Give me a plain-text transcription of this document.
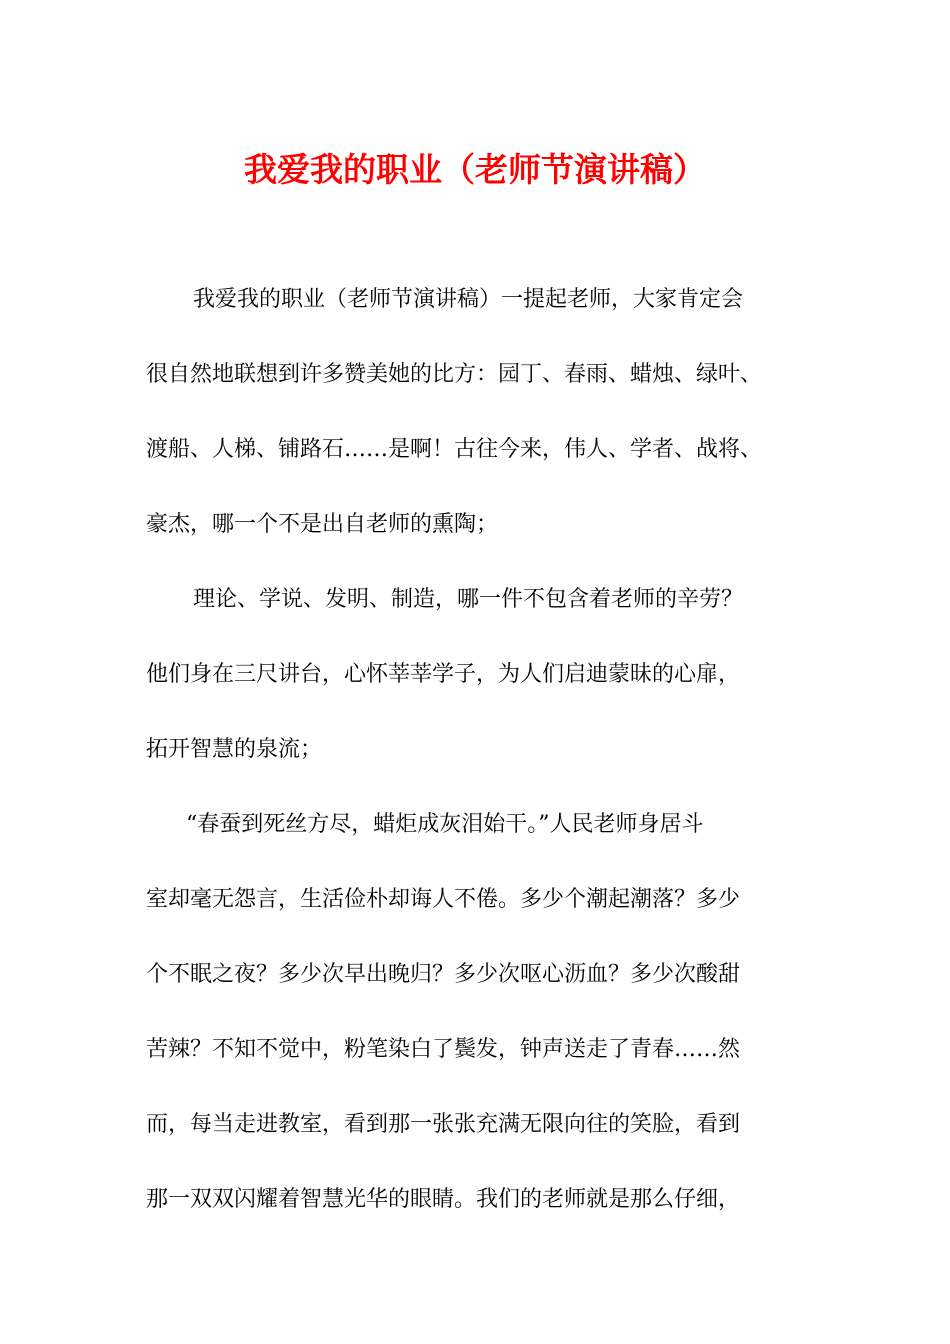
我爱我的职业（老师节演讲稿）
我爱我的职业（老师节演讲稿）一提起老师，大家肯定会
很自然地联想到许多赞美她的比方：园丁、春雨、蜡烛、绿叶、
渡船、人梯、铺路石……是啊！古往今来，伟人、学者、战将、
豪杰，哪一个不是出自老师的熏陶；
理论、学说、发明、制造，哪一件不包含着老师的辛劳？
他们身在三尺讲台，心怀莘莘学子，为人们启迪蒙昧的心扉，
拓开智慧的泉流；
“春蚕到死丝方尽，蜡炬成灰泪始干。”人民老师身居斗
室却毫无怨言，生活俭朴却诲人不倦。多少个潮起潮落？多少
个不眠之夜？多少次早出晚归？多少次呕心沥血？多少次酸甜
苦辣？不知不觉中，粉笔染白了鬓发，钟声送走了青春……然
而，每当走进教室，看到那一张张充满无限向往的笑脸，看到
那一双双闪耀着智慧光华的眼睛。我们的老师就是那么仔细，
